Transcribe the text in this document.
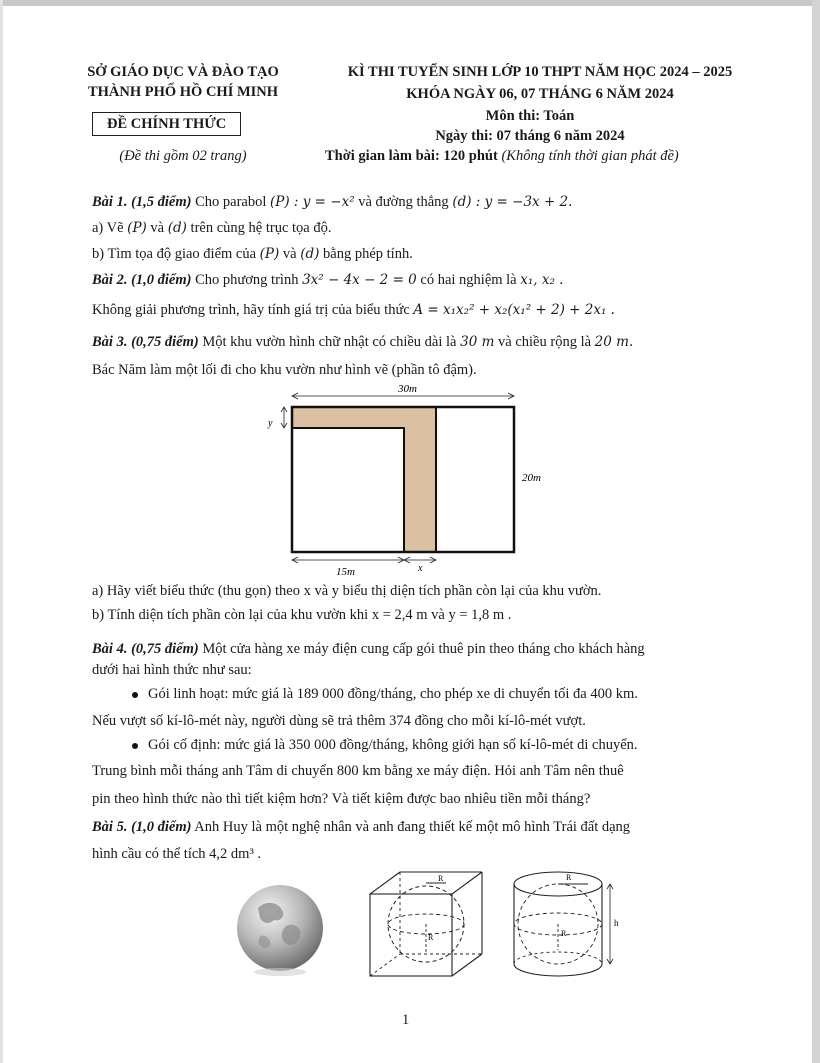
SỞ GIÁO DỤC VÀ ĐÀO TẠO
THÀNH PHỐ HỒ CHÍ MINH
ĐỀ CHÍNH THỨC
(Đề thi gồm 02 trang)
KÌ THI TUYỂN SINH LỚP 10 THPT NĂM HỌC 2024 – 2025
KHÓA NGÀY 06, 07 THÁNG 6 NĂM 2024
Môn thi: Toán
Ngày thi: 07 tháng 6 năm 2024
Thời gian làm bài: 120 phút (Không tính thời gian phát đề)
Bài 1. (1,5 điểm) Cho parabol (P) : y = −x² và đường thẳng (d) : y = −3x + 2.
a) Vẽ (P) và (d) trên cùng hệ trục tọa độ.
b) Tìm tọa độ giao điểm của (P) và (d) bằng phép tính.
Bài 2. (1,0 điểm) Cho phương trình 3x² − 4x − 2 = 0 có hai nghiệm là x₁, x₂ .
Không giải phương trình, hãy tính giá trị của biểu thức A = x₁x₂² + x₂(x₁² + 2) + 2x₁ .
Bài 3. (0,75 điểm) Một khu vườn hình chữ nhật có chiều dài là 30 m và chiều rộng là 20 m.
Bác Năm làm một lối đi cho khu vườn như hình vẽ (phần tô đậm).
30m
y
20m
15m	x
a) Hãy viết biểu thức (thu gọn) theo x và y biểu thị diện tích phần còn lại của khu vườn.
b) Tính diện tích phần còn lại của khu vườn khi x = 2,4 m và y = 1,8 m .
Bài 4. (0,75 điểm) Một cửa hàng xe máy điện cung cấp gói thuê pin theo tháng cho khách hàng
dưới hai hình thức như sau:
Gói linh hoạt: mức giá là 189 000 đồng/tháng, cho phép xe di chuyển tối đa 400 km.
Nếu vượt số kí-lô-mét này, người dùng sẽ trả thêm 374 đồng cho mỗi kí-lô-mét vượt.
Gói cố định: mức giá là 350 000 đồng/tháng, không giới hạn số kí-lô-mét di chuyển.
Trung bình mỗi tháng anh Tâm di chuyển 800 km bằng xe máy điện. Hỏi anh Tâm nên thuê
pin theo hình thức nào thì tiết kiệm hơn? Và tiết kiệm được bao nhiêu tiền mỗi tháng?
Bài 5. (1,0 điểm) Anh Huy là một nghệ nhân và anh đang thiết kế một mô hình Trái đất dạng
hình cầu có thể tích 4,2 dm³ .
R
R
R
R
h
1
